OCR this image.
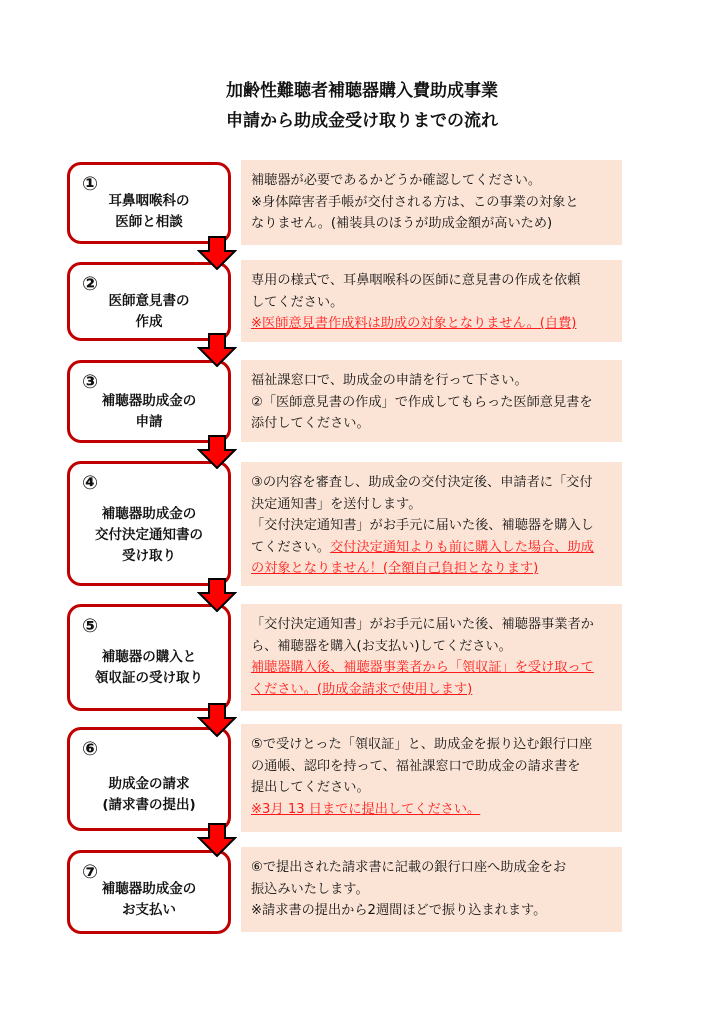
加齢性難聴者補聴器購入費助成事業
申請から助成金受け取りまでの流れ
①
耳鼻咽喉科の
医師と相談
補聴器が必要であるかどうか確認してください。
※身体障害者手帳が交付される方は、この事業の対象と
なりません。(補装具のほうが助成金額が高いため)
②
医師意見書の
作成
専用の様式で、耳鼻咽喉科の医師に意見書の作成を依頼
してください。
※医師意見書作成料は助成の対象となりません。(自費)
③
補聴器助成金の
申請
福祉課窓口で、助成金の申請を行って下さい。
②「医師意見書の作成」で作成してもらった医師意見書を
添付してください。
④
補聴器助成金の
交付決定通知書の
受け取り
③の内容を審査し、助成金の交付決定後、申請者に「交付
決定通知書」を送付します。
「交付決定通知書」がお手元に届いた後、補聴器を購入し
てください。交付決定通知よりも前に購入した場合、助成
の対象となりません！(全額自己負担となります)
⑤
補聴器の購入と
領収証の受け取り
「交付決定通知書」がお手元に届いた後、補聴器事業者か
ら、補聴器を購入(お支払い)してください。
補聴器購入後、補聴器事業者から「領収証」を受け取って
ください。(助成金請求で使用します)
⑥
助成金の請求
(請求書の提出)
⑤で受けとった「領収証」と、助成金を振り込む銀行口座
の通帳、認印を持って、福祉課窓口で助成金の請求書を
提出してください。
※3月 13 日までに提出してください。
⑦
補聴器助成金の
お支払い
⑥で提出された請求書に記載の銀行口座へ助成金をお
振込みいたします。
※請求書の提出から2週間ほどで振り込まれます。
